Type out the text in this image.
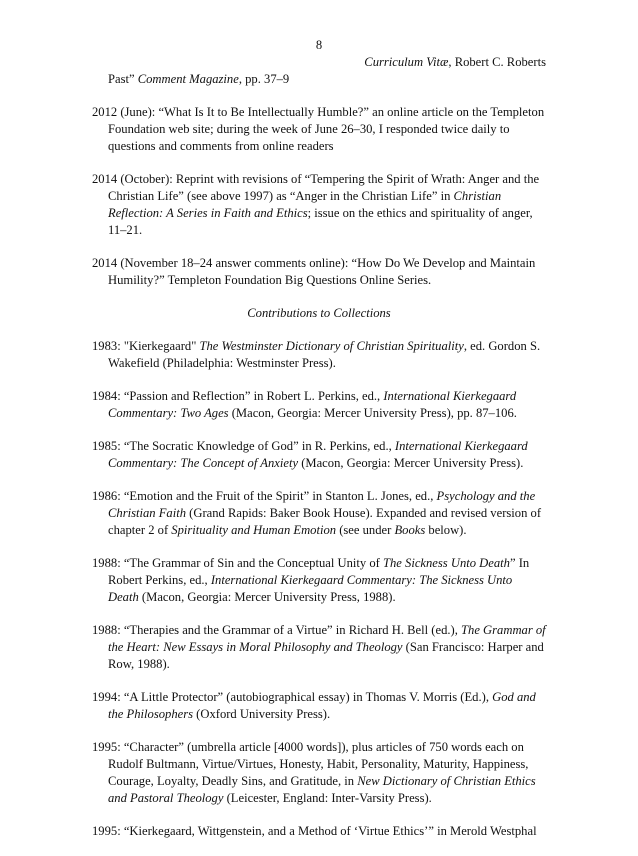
8
Curriculum Vitæ, Robert C. Roberts

Past” Comment Magazine, pp. 37–9

2012 (June): “What Is It to Be Intellectually Humble?” an online article on the Templeton Foundation web site; during the week of June 26–30, I responded twice daily to questions and comments from online readers

2014 (October): Reprint with revisions of “Tempering the Spirit of Wrath: Anger and the Christian Life” (see above 1997) as “Anger in the Christian Life” in Christian Reflection: A Series in Faith and Ethics; issue on the ethics and spirituality of anger, 11–21.

2014 (November 18–24 answer comments online): “How Do We Develop and Maintain Humility?” Templeton Foundation Big Questions Online Series.

Contributions to Collections

1983: "Kierkegaard" The Westminster Dictionary of Christian Spirituality, ed. Gordon S. Wakefield (Philadelphia: Westminster Press).

1984: “Passion and Reflection” in Robert L. Perkins, ed., International Kierkegaard Commentary: Two Ages (Macon, Georgia: Mercer University Press), pp. 87–106.

1985: “The Socratic Knowledge of God” in R. Perkins, ed., International Kierkegaard Commentary: The Concept of Anxiety (Macon, Georgia: Mercer University Press).

1986: “Emotion and the Fruit of the Spirit” in Stanton L. Jones, ed., Psychology and the Christian Faith (Grand Rapids: Baker Book House). Expanded and revised version of chapter 2 of Spirituality and Human Emotion (see under Books below).

1988: “The Grammar of Sin and the Conceptual Unity of The Sickness Unto Death” In Robert Perkins, ed., International Kierkegaard Commentary: The Sickness Unto Death (Macon, Georgia: Mercer University Press, 1988).

1988: “Therapies and the Grammar of a Virtue” in Richard H. Bell (ed.), The Grammar of the Heart: New Essays in Moral Philosophy and Theology (San Francisco: Harper and Row, 1988).

1994: “A Little Protector” (autobiographical essay) in Thomas V. Morris (Ed.), God and the Philosophers (Oxford University Press).

1995: “Character” (umbrella article [4000 words]), plus articles of 750 words each on Rudolf Bultmann, Virtue/Virtues, Honesty, Habit, Personality, Maturity, Happiness, Courage, Loyalty, Deadly Sins, and Gratitude, in New Dictionary of Christian Ethics and Pastoral Theology (Leicester, England: Inter-Varsity Press).

1995: “Kierkegaard, Wittgenstein, and a Method of ‘Virtue Ethics’” in Merold Westphal
